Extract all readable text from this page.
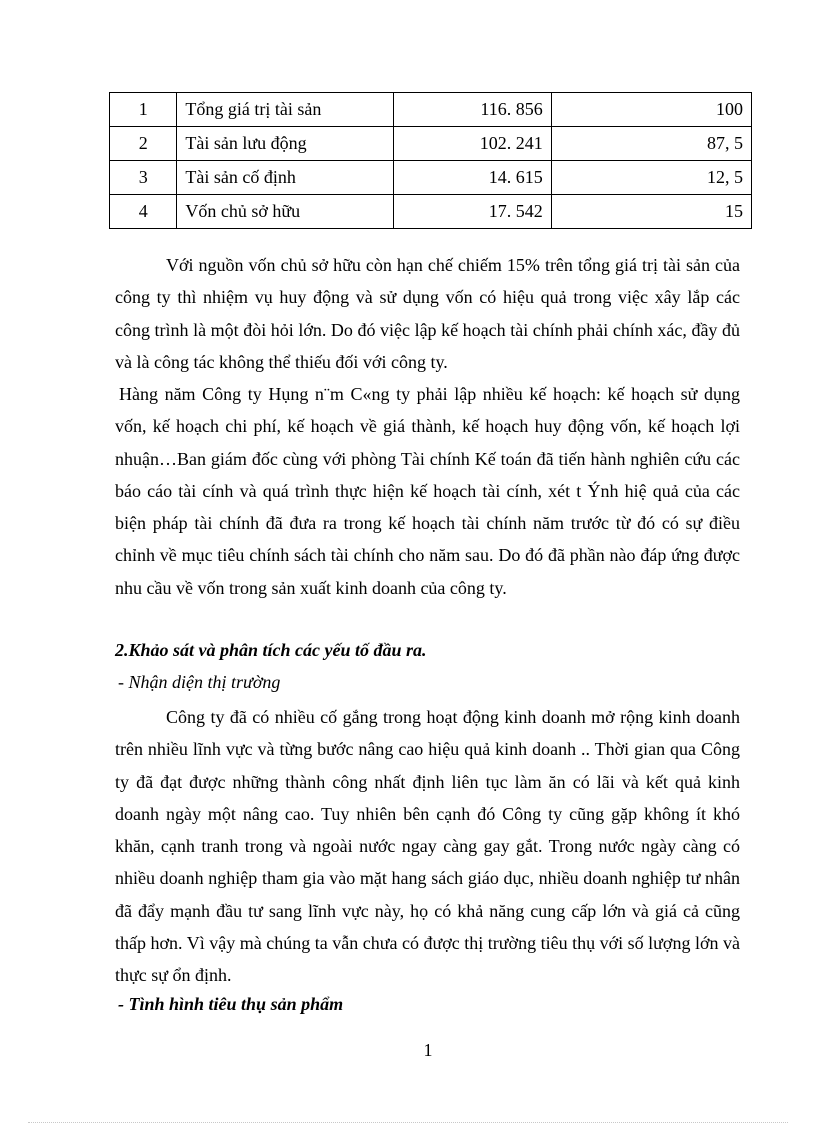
1	Tổng giá trị tài sản	116. 856	100
2	Tài sản lưu động	102. 241	87, 5
3	Tài sản cố định	14. 615	12, 5
4	Vốn chủ sở hữu	17. 542	15

Với nguồn vốn chủ sở hữu còn hạn chế chiếm 15% trên tổng giá trị tài sản của công ty thì nhiệm vụ huy động và sử dụng vốn có hiệu quả trong việc xây lắp các công trình là một đòi hỏi lớn. Do đó việc lập kế hoạch tài chính phải chính xác, đầy đủ và là công tác không thể thiếu đối với công ty.

Hàng năm Công ty Hụng n¨m C«ng ty phải lập nhiều kế hoạch: kế hoạch sử dụng vốn, kế hoạch chi phí, kế hoạch về giá thành, kế hoạch huy động vốn, kế hoạch lợi nhuận…Ban giám đốc cùng với phòng Tài chính Kế toán đã tiến hành nghiên cứu các báo cáo tài cính và quá trình thực hiện kế hoạch tài cính, xét t Ýnh hiệ quả của các biện pháp tài chính đã đưa ra trong kế hoạch tài chính năm trước từ đó có sự điều chỉnh về mục tiêu chính sách tài chính cho năm sau. Do đó đã phần nào đáp ứng được nhu cầu về vốn trong sản xuất kinh doanh của công ty.

2.Khảo sát và phân tích các yếu tố đầu ra.

- Nhận diện thị trường

Công ty đã có nhiều cố gắng trong hoạt động kinh doanh mở rộng kinh doanh trên nhiều lĩnh vực và từng bước nâng cao hiệu quả kinh doanh .. Thời gian qua Công ty đã đạt được những thành công nhất định liên tục làm ăn có lãi và kết quả kinh doanh ngày một nâng cao. Tuy nhiên bên cạnh đó Công ty cũng gặp không ít khó khăn, cạnh tranh trong và ngoài nước ngay càng gay gắt. Trong nước ngày càng có nhiều doanh nghiệp tham gia vào mặt hang sách giáo dục, nhiều doanh nghiệp tư nhân đã đẩy mạnh đầu tư sang lĩnh vực này, họ có khả năng cung cấp lớn và giá cả cũng thấp hơn. Vì vậy mà chúng ta vẫn chưa có được thị trường tiêu thụ với số lượng lớn và thực sự ổn định.

- Tình hình tiêu thụ sản phẩm

1
